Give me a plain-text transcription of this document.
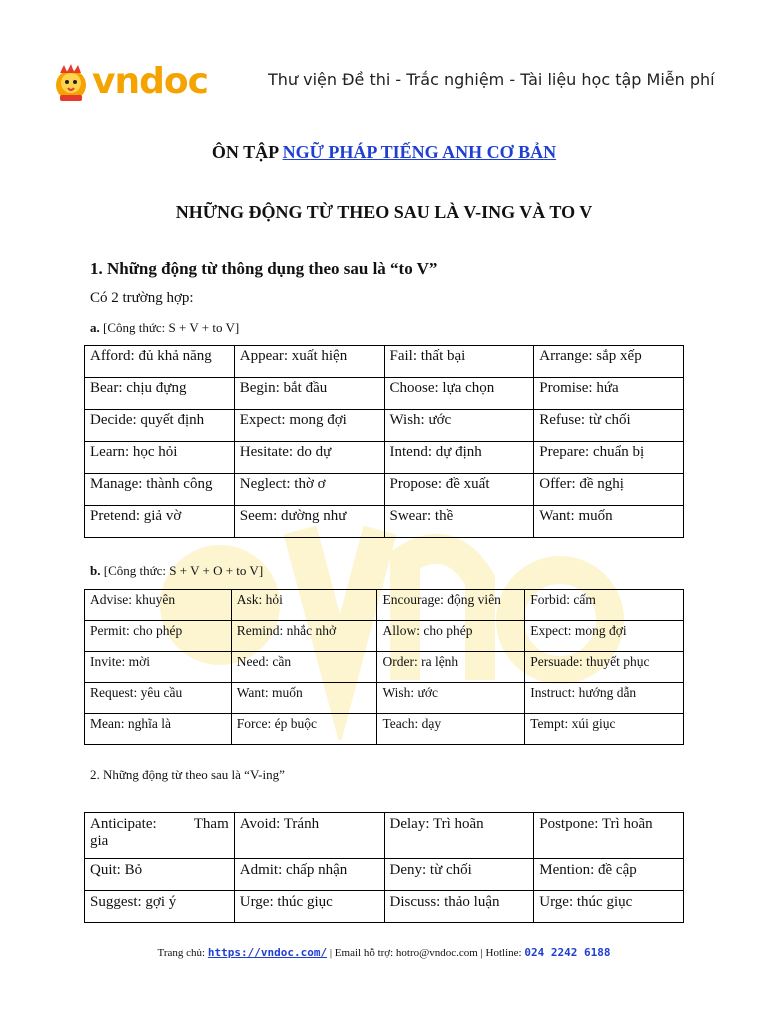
vndoc	Thư viện Đề thi - Trắc nghiệm - Tài liệu học tập Miễn phí
ÔN TẬP NGỮ PHÁP TIẾNG ANH CƠ BẢN
NHỮNG ĐỘNG TỪ THEO SAU LÀ V-ING VÀ TO V
1. Những động từ thông dụng theo sau là “to V”
Có 2 trường hợp:
a. [Công thức: S + V + to V]
Afford: đủ khả năng	Appear: xuất hiện	Fail: thất bại	Arrange: sắp xếp
Bear: chịu đựng	Begin: bắt đầu	Choose: lựa chọn	Promise: hứa
Decide: quyết định	Expect: mong đợi	Wish: ước	Refuse: từ chối
Learn: học hỏi	Hesitate: do dự	Intend: dự định	Prepare: chuẩn bị
Manage: thành công	Neglect: thờ ơ	Propose: đề xuất	Offer: đề nghị
Pretend: giả vờ	Seem: dường như	Swear: thề	Want: muốn
b. [Công thức: S + V + O + to V]
Advise: khuyên	Ask: hỏi	Encourage: động viên	Forbid: cấm
Permit: cho phép	Remind: nhắc nhở	Allow: cho phép	Expect: mong đợi
Invite: mời	Need: cần	Order: ra lệnh	Persuade: thuyết phục
Request: yêu cầu	Want: muốn	Wish: ước	Instruct: hướng dẫn
Mean: nghĩa là	Force: ép buộc	Teach: dạy	Tempt: xúi giục
2. Những động từ theo sau là “V-ing”
Anticipate: Tham
gia	Avoid: Tránh	Delay: Trì hoãn	Postpone: Trì hoãn
Quit: Bỏ	Admit: chấp nhận	Deny: từ chối	Mention: đề cập
Suggest: gợi ý	Urge: thúc giục	Discuss: thảo luận	Urge: thúc giục
Trang chủ: https://vndoc.com/ | Email hỗ trợ: hotro@vndoc.com | Hotline: 024 2242 6188
